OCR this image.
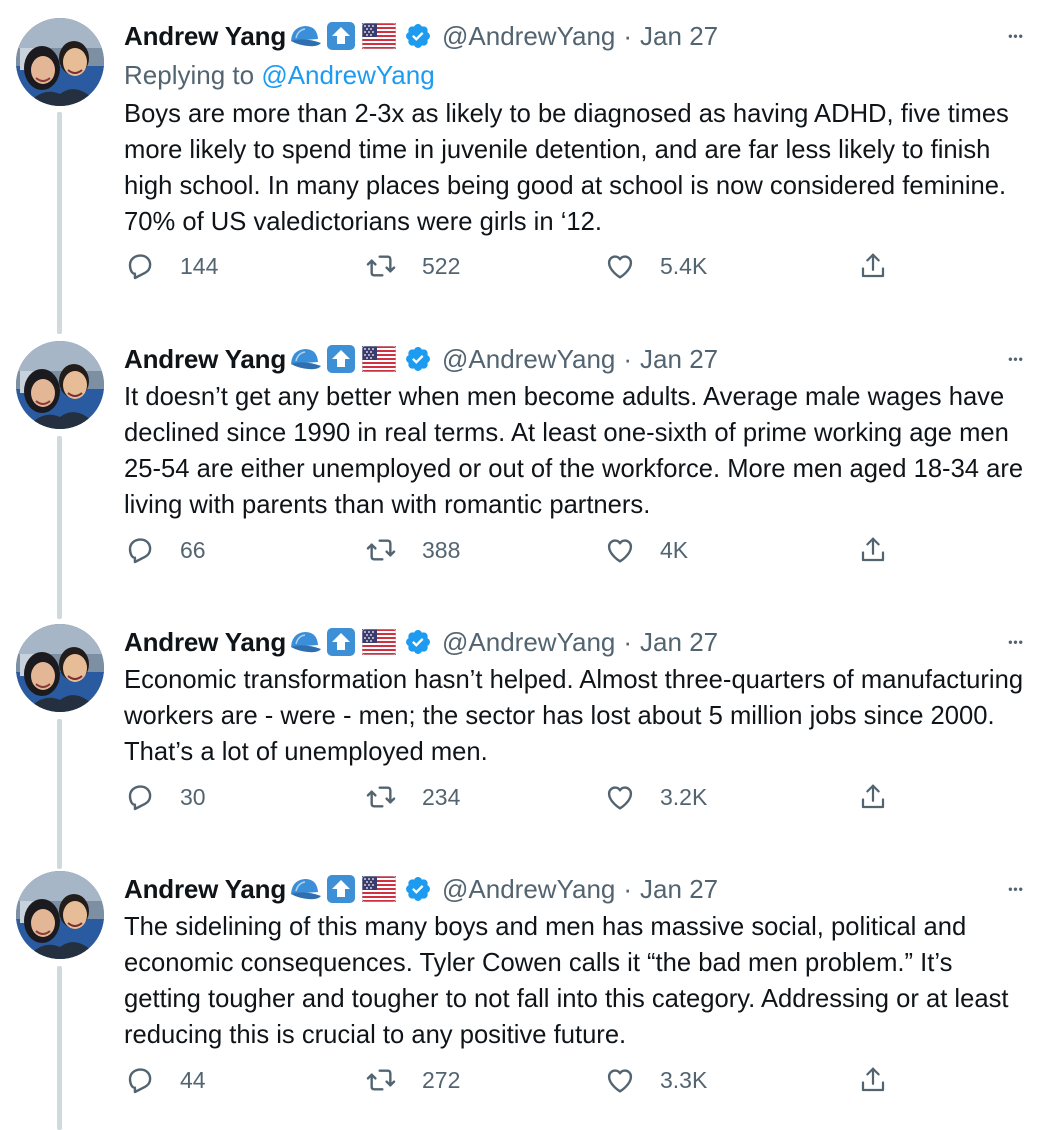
Andrew Yang	@AndrewYang · Jan 27	•••
Replying to @AndrewYang
Boys are more than 2-3x as likely to be diagnosed as having ADHD, five times more likely to spend time in juvenile detention, and are far less likely to finish high school. In many places being good at school is now considered feminine. 70% of US valedictorians were girls in ‘12.
144	522	5.4K
Andrew Yang	@AndrewYang · Jan 27	•••
It doesn’t get any better when men become adults. Average male wages have declined since 1990 in real terms. At least one-sixth of prime working age men 25-54 are either unemployed or out of the workforce. More men aged 18-34 are living with parents than with romantic partners.
66	388	4K
Andrew Yang	@AndrewYang · Jan 27	•••
Economic transformation hasn’t helped. Almost three-quarters of manufacturing workers are - were - men; the sector has lost about 5 million jobs since 2000. That’s a lot of unemployed men.
30	234	3.2K
Andrew Yang	@AndrewYang · Jan 27	•••
The sidelining of this many boys and men has massive social, political and economic consequences. Tyler Cowen calls it “the bad men problem.” It’s getting tougher and tougher to not fall into this category. Addressing or at least reducing this is crucial to any positive future.
44	272	3.3K
